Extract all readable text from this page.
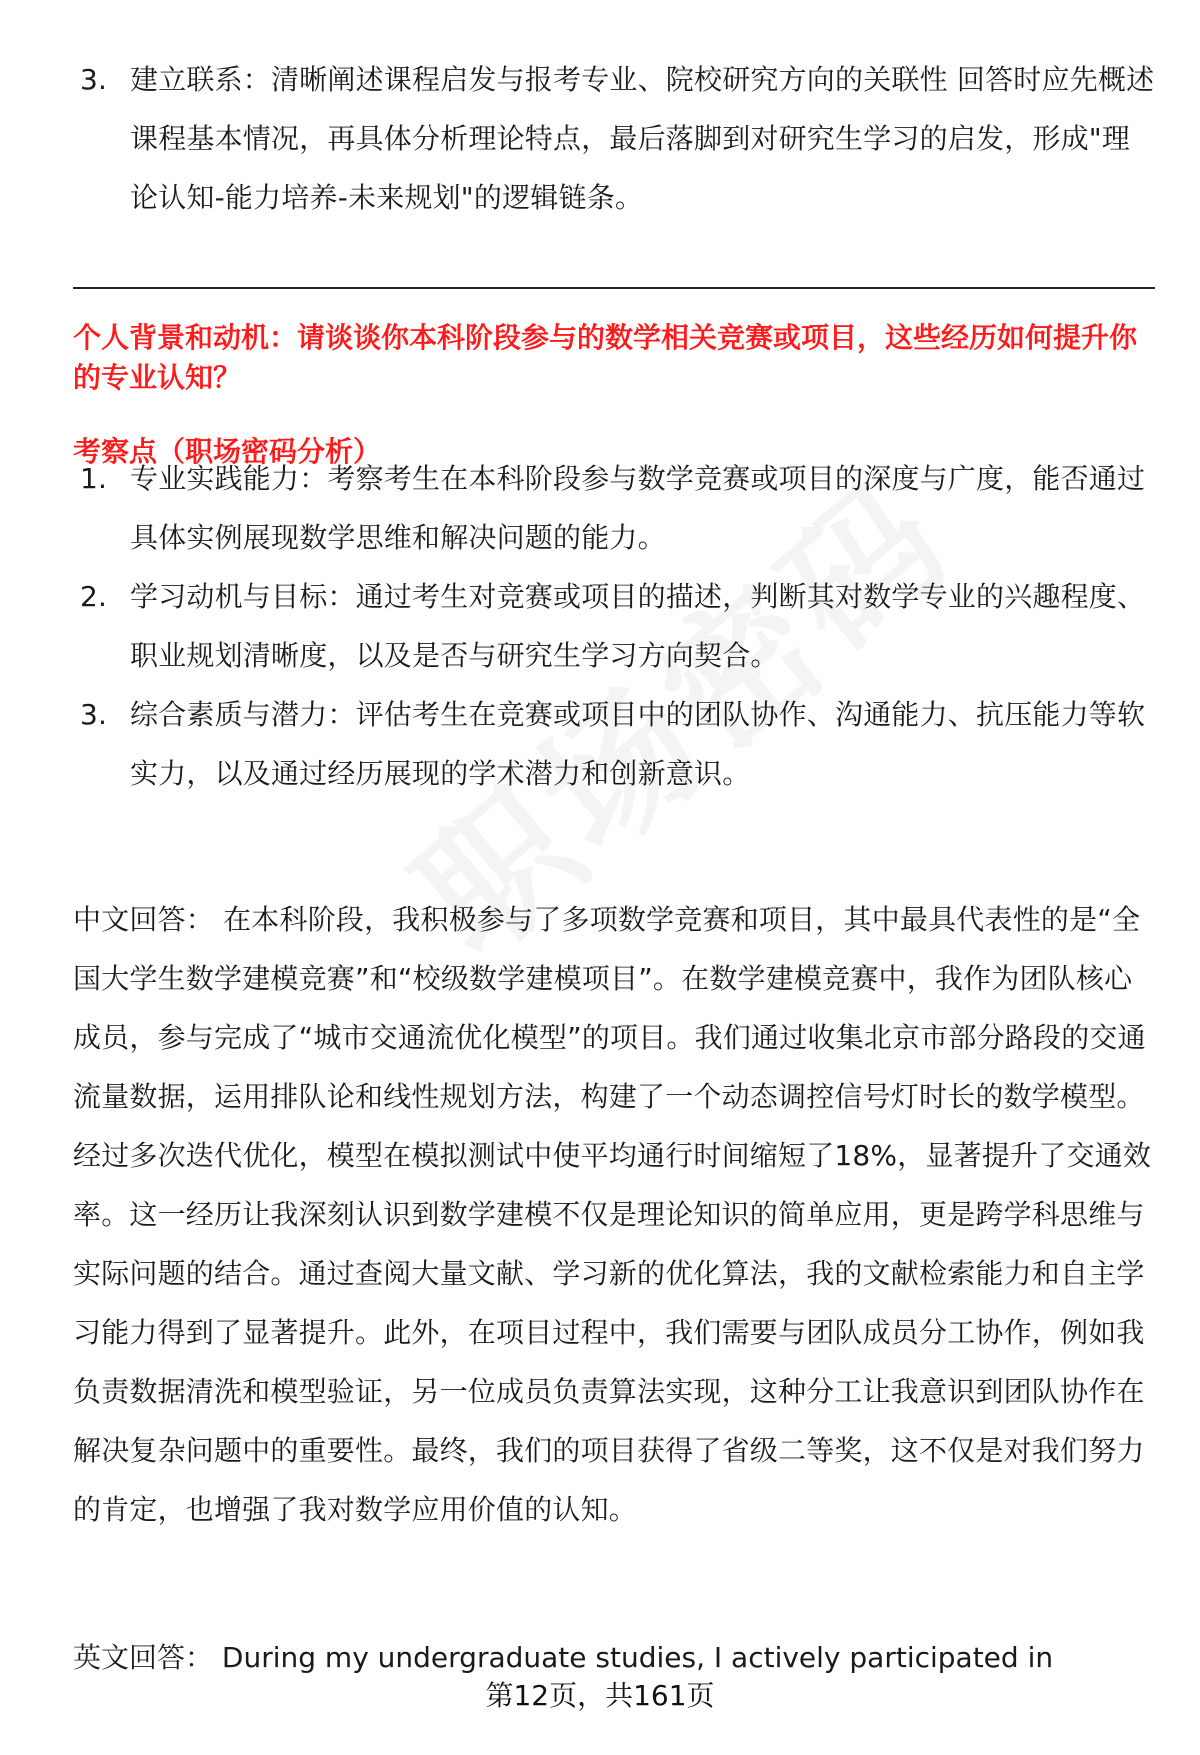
3. 建立联系：清晰阐述课程启发与报考专业、院校研究方向的关联性 回答时应先概述课程基本情况，再具体分析理论特点，最后落脚到对研究生学习的启发，形成"理论认知-能力培养-未来规划"的逻辑链条。
个人背景和动机：请谈谈你本科阶段参与的数学相关竞赛或项目，这些经历如何提升你的专业认知？
考察点（职场密码分析）
1. 专业实践能力：考察考生在本科阶段参与数学竞赛或项目的深度与广度，能否通过具体实例展现数学思维和解决问题的能力。
2. 学习动机与目标：通过考生对竞赛或项目的描述，判断其对数学专业的兴趣程度、职业规划清晰度，以及是否与研究生学习方向契合。
3. 综合素质与潜力：评估考生在竞赛或项目中的团队协作、沟通能力、抗压能力等软实力，以及通过经历展现的学术潜力和创新意识。
中文回答： 在本科阶段，我积极参与了多项数学竞赛和项目，其中最具代表性的是“全国大学生数学建模竞赛”和“校级数学建模项目”。在数学建模竞赛中，我作为团队核心成员，参与完成了“城市交通流优化模型”的项目。我们通过收集北京市部分路段的交通流量数据，运用排队论和线性规划方法，构建了一个动态调控信号灯时长的数学模型。经过多次迭代优化，模型在模拟测试中使平均通行时间缩短了18%，显著提升了交通效率。这一经历让我深刻认识到数学建模不仅是理论知识的简单应用，更是跨学科思维与实际问题的结合。通过查阅大量文献、学习新的优化算法，我的文献检索能力和自主学习能力得到了显著提升。此外，在项目过程中，我们需要与团队成员分工协作，例如我负责数据清洗和模型验证，另一位成员负责算法实现，这种分工让我意识到团队协作在解决复杂问题中的重要性。最终，我们的项目获得了省级二等奖，这不仅是对我们努力的肯定，也增强了我对数学应用价值的认知。
英文回答： During my undergraduate studies, I actively participated in
第12页，共161页
